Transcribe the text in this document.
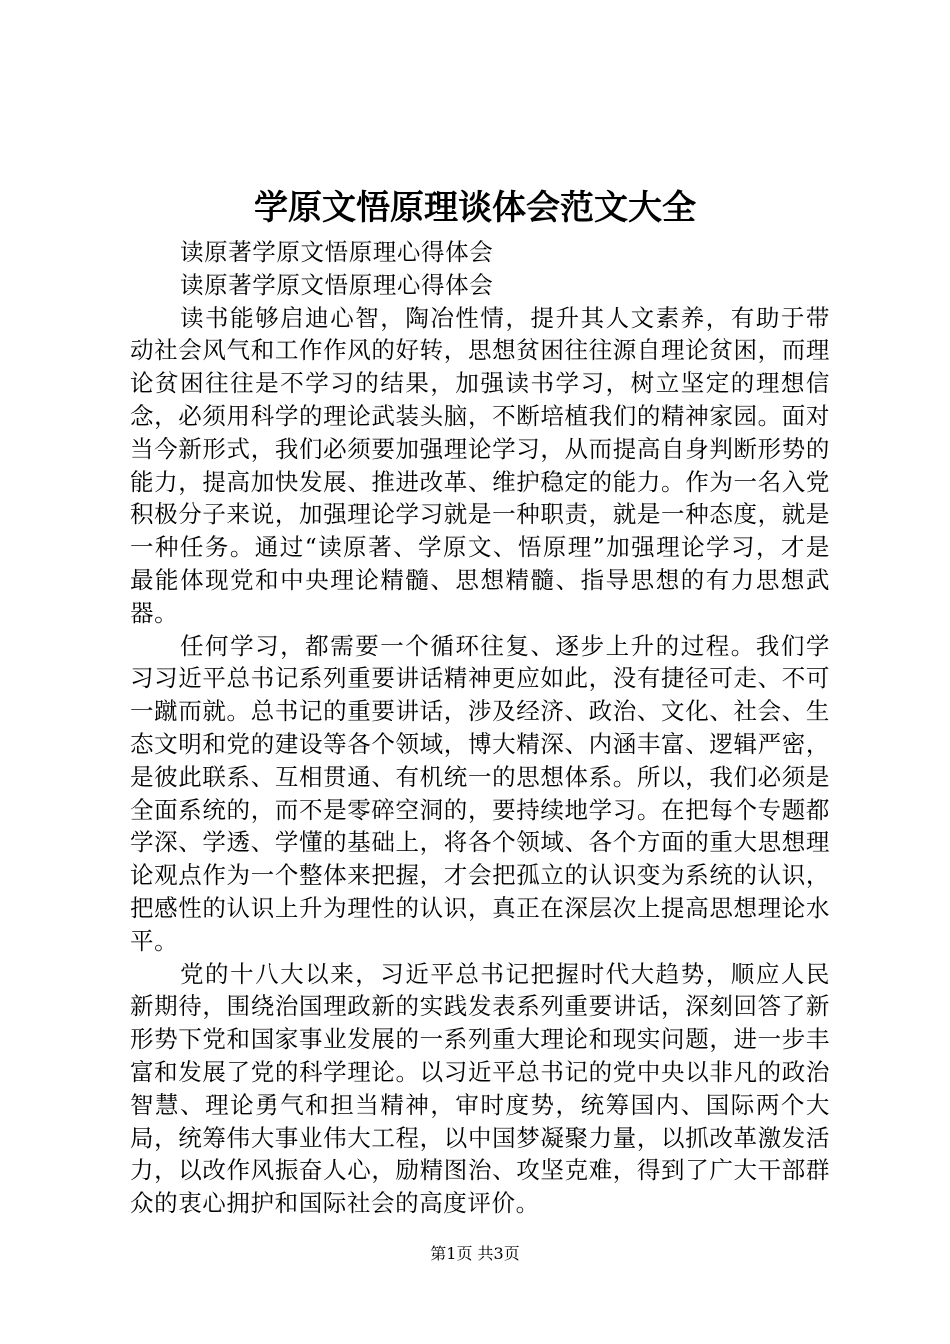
学原文悟原理谈体会范文大全
读原著学原文悟原理心得体会
读原著学原文悟原理心得体会

读书能够启迪心智，陶冶性情，提升其人文素养，有助于带动社会风气和工作作风的好转，思想贫困往往源自理论贫困，而理论贫困往往是不学习的结果，加强读书学习，树立坚定的理想信念，必须用科学的理论武装头脑，不断培植我们的精神家园。面对当今新形式，我们必须要加强理论学习，从而提高自身判断形势的能力，提高加快发展、推进改革、维护稳定的能力。作为一名入党积极分子来说，加强理论学习就是一种职责，就是一种态度，就是一种任务。通过“读原著、学原文、悟原理”加强理论学习，才是最能体现党和中央理论精髓、思想精髓、指导思想的有力思想武器。

任何学习，都需要一个循环往复、逐步上升的过程。我们学习习近平总书记系列重要讲话精神更应如此，没有捷径可走、不可一蹴而就。总书记的重要讲话，涉及经济、政治、文化、社会、生态文明和党的建设等各个领域，博大精深、内涵丰富、逻辑严密，是彼此联系、互相贯通、有机统一的思想体系。所以，我们必须是全面系统的，而不是零碎空洞的，要持续地学习。在把每个专题都学深、学透、学懂的基础上，将各个领域、各个方面的重大思想理论观点作为一个整体来把握，才会把孤立的认识变为系统的认识，把感性的认识上升为理性的认识，真正在深层次上提高思想理论水平。

党的十八大以来，习近平总书记把握时代大趋势，顺应人民新期待，围绕治国理政新的实践发表系列重要讲话，深刻回答了新形势下党和国家事业发展的一系列重大理论和现实问题，进一步丰富和发展了党的科学理论。以习近平总书记的党中央以非凡的政治智慧、理论勇气和担当精神，审时度势，统筹国内、国际两个大局，统筹伟大事业伟大工程，以中国梦凝聚力量，以抓改革激发活力，以改作风振奋人心，励精图治、攻坚克难，得到了广大干部群众的衷心拥护和国际社会的高度评价。

第1页 共3页
